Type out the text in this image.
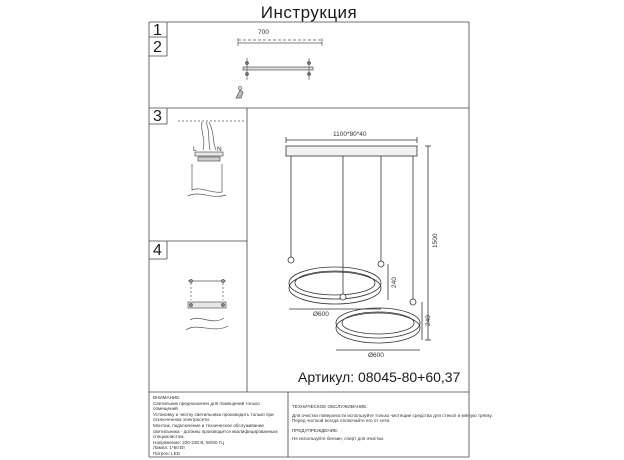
Инструкция
L	N
700
1100*80*40
1500
240
240
Ø600
Ø600
1
2
3
4
Артикул: 08045-80+60,37
ВНИМАНИЕ:
Светильник предназначен для помещений только
помещений.
Установку и чистку светильника производить только при
отключенном электросети.
Монтаж, подключение и техническое обслуживание
светильника - должны производится квалифицированным
специалистом.
Напряжение: 220-230 В, 50/60 Гц
Лампа: 1*60 Вт
Патрон: LED
ТЕХНИЧЕСКОЕ ОБСЛУЖИВАНИЕ:
Для очистки поверхности используйте только чистящие средства для стекол и мягкую тряпку.
Перед чисткой всегда отключайте его от сети.
ПРЕДУПРЕЖДЕНИЕ:
Не используйте бензин, спирт для очистки.
